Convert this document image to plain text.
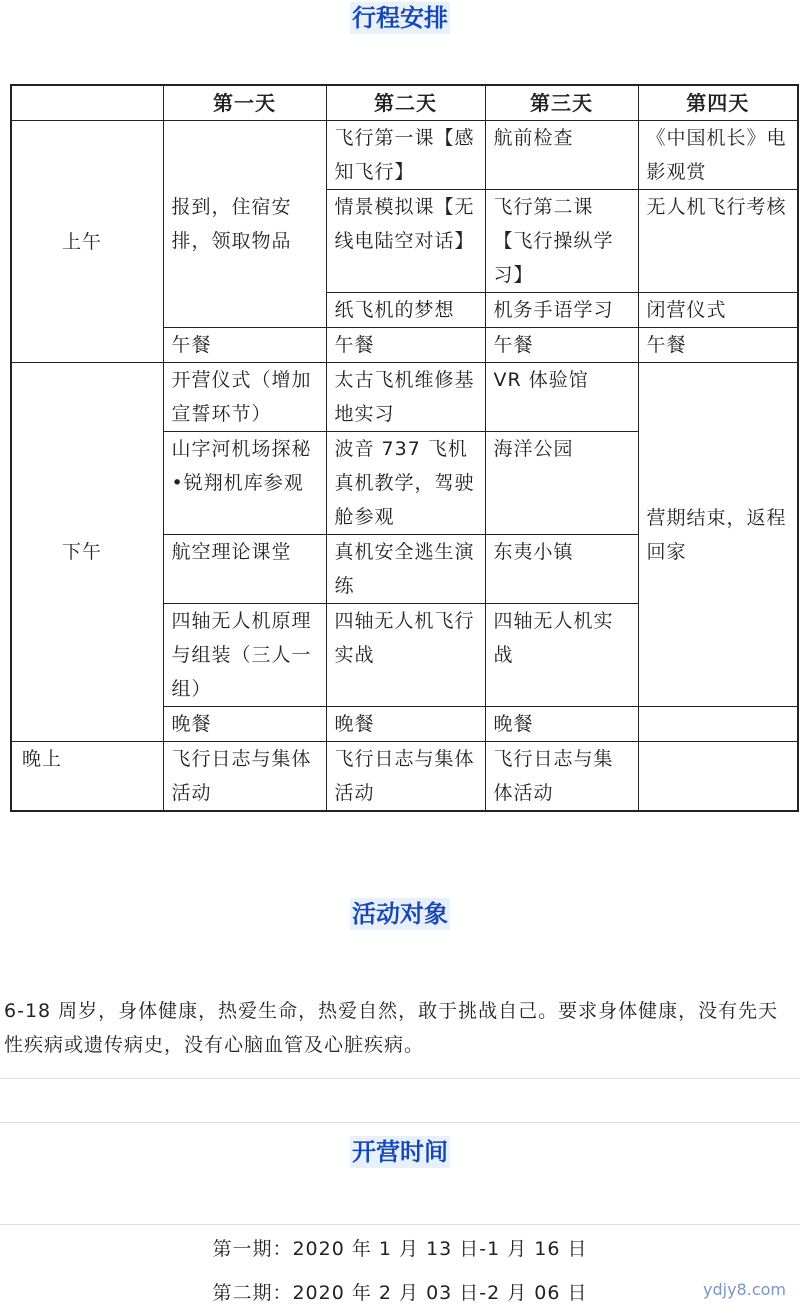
行程安排
	第一天	第二天	第三天	第四天
上午	报到，住宿安排，领取物品	飞行第一课【感知飞行】	航前检查	《中国机长》电影观赏
		情景模拟课【无线电陆空对话】	飞行第二课【飞行操纵学习】	无人机飞行考核
		纸飞机的梦想	机务手语学习	闭营仪式
	午餐	午餐	午餐	午餐
下午	开营仪式（增加宣誓环节）	太古飞机维修基地实习	VR 体验馆	营期结束，返程回家
	山字河机场探秘•锐翔机库参观	波音 737 飞机真机教学，驾驶舱参观	海洋公园	
	航空理论课堂	真机安全逃生演练	东夷小镇	
	四轴无人机原理与组装（三人一组）	四轴无人机飞行实战	四轴无人机实战	
	晚餐	晚餐	晚餐	
晚上	飞行日志与集体活动	飞行日志与集体活动	飞行日志与集体活动	
活动对象
6-18 周岁，身体健康，热爱生命，热爱自然，敢于挑战自己。要求身体健康，没有先天性疾病或遗传病史，没有心脑血管及心脏疾病。
开营时间
第一期：2020 年 1 月 13 日-1 月 16 日
第二期：2020 年 2 月 03 日-2 月 06 日	ydjy8.com
